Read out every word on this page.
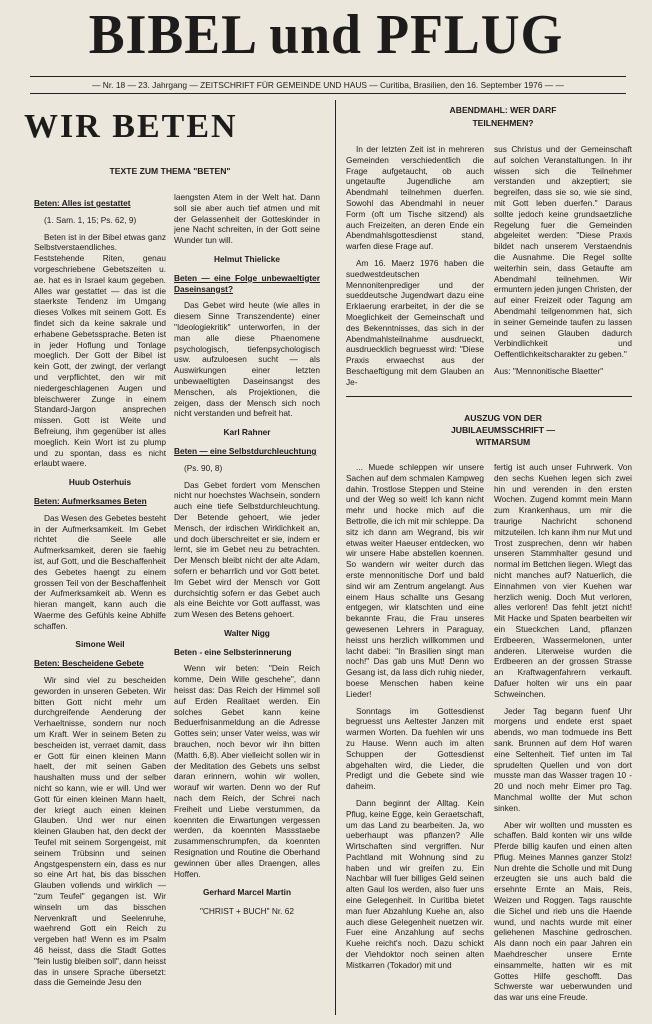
BIBEL und PFLUG
— Nr. 18 — 23. Jahrgang — ZEITSCHRIFT FÜR GEMEINDE UND HAUS — Curitiba, Brasilien, den 16. September 1976 — —
WIR BETEN	ABENDMAHL: WER DARF
TEILNEHMEN?
TEXTE ZUM THEMA "BETEN"

Beten: Alles ist gestattet

(1. Sam. 1, 15; Ps. 62, 9)

Beten ist in der Bibel etwas ganz Selbstverstaendliches. Feststehende Riten, genau vorgeschriebene Gebetszeiten u. ae. hat es in Israel kaum gegeben. Alles war gestattet — das ist die staerkste Tendenz im Umgang dieses Volkes mit seinem Gott. Es findet sich da keine sakrale und erhabene Gebetssprache. Beten ist in jeder Hoflung und Tonlage moeglich. Der Gott der Bibel ist kein Gott, der zwingt, der verlangt und verpflichtet, den wir mit niedergeschlagenen Augen und bleischwerer Zunge in einem Standard-Jargon ansprechen missen. Gott ist Weite und Befreiung, ihm gegenüber ist alles moeglich. Kein Wort ist zu plump und zu spontan, dass es nicht erlaubt waere.

Huub Osterhuis

Beten: Aufmerksames Beten

Das Wesen des Gebetes besteht in der Aufmerksamkeit. Im Gebet richtet die Seele alle Aufmerksamkeit, deren sie faehig ist, auf Gott, und die Beschaffenheit des Gebetes haengt zu einem grossen Teil von der Beschaffenheit der Aufmerksamkeit ab. Wenn es hieran mangelt, kann auch die Waerme des Gefühls keine Abhilfe schaffen.

Simone Weil

Beten: Bescheidene Gebete

Wir sind viel zu bescheiden geworden in unseren Gebeten. Wir bitten Gott nicht mehr um durchgreifende Aenderung der Verhaeltnisse, sondern nur noch um Kraft. Wer in seinem Beten zu bescheiden ist, verraet damit, dass er Gott für einen kleinen Mann haelt, der mit seinen Gaben haushalten muss und der selber nicht so kann, wie er will. Und wer Gott für einen kleinen Mann haelt, der kriegt auch einen kleinen Glauben. Und wer nur einen kleinen Glauben hat, den deckt der Teufel mit seinem Sorgengeist, mit seinem Trübsinn und seinen Angstgespenstern ein, dass es nur so eine Art hat, bis das bisschen Glauben vollends und wirklich — "zum Teufel" gegangen ist. Wir winseln um das bisschen Nervenkraft und Seelenruhe, waehrend Gott ein Reich zu vergeben hat! Wenn es im Psalm 46 heisst, dass die Stadt Gottes "fein lustig bleiben soll", dann heisst das in unsere Sprache übersetzt: dass die Gemeinde Jesu den

laengsten Atem in der Welt hat. Dann soll sie aber auch tief atmen und mit der Gelassenheit der Gotteskinder in jene Nacht schreiten, in der Gott seine Wunder tun will.

Helmut Thielicke

Beten — eine Folge unbewaeltigter Daseinsangst?

Das Gebet wird heute (wie alles in diesem Sinne Transzendente) einer "Ideologiekritik" unterworfen, in der man alle diese Phaenomene psychologisch, tiefenpsychologisch usw. aufzuloesen sucht — als Auswirkungen einer letzten unbewaeltigten Daseinsangst des Menschen, als Projektionen, die zeigen, dass der Mensch sich noch nicht verstanden und befreit hat.

Karl Rahner

Beten — eine Selbstdurchleuchtung

(Ps. 90, 8)

Das Gebet fordert vom Menschen nicht nur hoechstes Wachsein, sondern auch eine tiefe Selbstdurchleuchtung. Der Betende gehoert, wie jeder Mensch, der irdischen Wirklichkeit an, und doch überschreitet er sie, indem er lernt, sie im Gebet neu zu betrachten. Der Mensch bleibt nicht der alte Adam, sofern er beharrlich und vor Gott betet. Im Gebet wird der Mensch vor Gott durchsichtig sofern er das Gebet auch als eine Beichte vor Gott auffasst, was zum Wesen des Betens gehoert.

Walter Nigg

Beten - eine Selbsterinnerung

Wenn wir beten: "Dein Reich komme, Dein Wille geschehe", dann heisst das: Das Reich der Himmel soll auf Erden Realitaet werden. Ein solches Gebet kann keine Beduerfnisanmeldung an die Adresse Gottes sein; unser Vater weiss, was wir brauchen, noch bevor wir ihn bitten (Matth. 6,8). Aber vielleicht sollen wir in der Meditation des Gebets uns selbst daran erinnern, wohin wir wollen, worauf wir warten. Denn wo der Ruf nach dem Reich, der Schrei nach Freiheit und Liebe verstummen, da koennten die Erwartungen vergessen werden, da koennten Massstaebe zusammenschrumpfen, da koennten Resignation und Routine die Oberhand gewinnen über alles Draengen, alles Hoffen.

Gerhard Marcel Martin

"CHRIST + BUCH" Nr. 62

In der letzten Zeit ist in mehreren Gemeinden verschiedentlich die Frage aufgetaucht, ob auch ungetaufte Jugendliche am Abendmahl teilnehmen duerfen. Sowohl das Abendmahl in neuer Form (oft um Tische sitzend) als auch Freizeiten, an deren Ende ein Abendmahlsgottesdienst stand, warfen diese Frage auf.

Am 16. Maerz 1976 haben die suedwestdeutschen Mennonitenprediger und der sueddeutsche Jugendwart dazu eine Erklaerung erarbeitet, in der die se Moeglichkeit der Gemeinschaft und des Bekenntnisses, das sich in der Abendmahlsteilnahme ausdrueckt, ausdruecklich begruesst wird: "Diese Praxis erwaechst aus der Beschaeftigung mit dem Glauben an Je-

sus Christus und der Gemeinschaft auf solchen Veranstaltungen. In ihr wissen sich die Teilnehmer verstanden und akzeptiert; sie begreifen, dass sie so, wie sie sind, mit Gott leben duerfen." Daraus sollte jedoch keine grundsaetzliche Regelung fuer die Gemeinden abgeleitet werden: "Diese Praxis bildet nach unserem Verstaendnis die Ausnahme. Die Regel sollte weiterhin sein, dass Getaufte am Abendmahl teilnehmen. Wir ermuntern jeden jungen Christen, der auf einer Freizeit oder Tagung am Abendmahl teilgenommen hat, sich in seiner Gemeinde taufen zu lassen und seinen Glauben dadurch Verbindlichkeit und Oeffentlichkeitscharakter zu geben."

Aus: "Mennonitische Blaetter"

AUSZUG VON DER
JUBILAEUMSSCHRIFT —
WITMARSUM

... Muede schleppen wir unsere Sachen auf dem schmalen Kampweg dahin. Trostlose Steppen und Steine und der Weg so weit! Ich kann nicht mehr und hocke mich auf die Bettrolle, die ich mit mir schleppe. Da sitz ich dann am Wegrand, bis wir etwas weiter Haeuser entdecken, wo wir unsere Habe abstellen koennen. So wandern wir weiter durch das erste mennonitische Dorf und bald sind wir am Zentrum angelangt. Aus einem Haus schallte uns Gesang entgegen, wir klatschten und eine bekannte Frau, die Frau unseres gewesenen Lehrers in Paraguay, heisst uns herzlich willkommen und lacht dabei: "In Brasilien singt man noch!" Das gab uns Mut! Denn wo Gesang ist, da lass dich ruhig nieder, boese Menschen haben keine Lieder!

Sonntags im Gottesdienst begruesst uns Aeltester Janzen mit warmen Worten. Da fuehlen wir uns zu Hause. Wenn auch im alten Schuppen der Gottesdienst abgehalten wird, die Lieder, die Predigt und die Gebete sind wie daheim.

Dann beginnt der Alltag. Kein Pflug, keine Egge, kein Geraetschaft, um das Land zu bearbeiten. Ja, wo ueberhaupt was pflanzen? Alle Wirtschaften sind vergriffen. Nur Pachtland mit Wohnung sind zu haben und wir greifen zu. Ein Nachbar will fuer billiges Geld seinen alten Gaul los werden, also fuer uns eine Gelegenheit. In Curitiba bietet man fuer Abzahlung Kuehe an, also auch diese Gelegenheit nuetzen wir. Fuer eine Anzahlung auf sechs Kuehe reicht's noch. Dazu schickt der Viehdoktor noch seinen alten Mistkarren (Tokador) mit und

fertig ist auch unser Fuhrwerk. Von den sechs Kuehen legen sich zwei hin und verenden in den ersten Wochen. Zugend kommt mein Mann zum Krankenhaus, um mir die traurige Nachricht schonend mitzuteilen. Ich kann ihm nur Mut und Trost zusprechen, denn wir haben unseren Stammhalter gesund und normal im Bettchen liegen. Wiegt das nicht manches auf? Natuerlich, die Einnahmen von vier Kuehen war herzlich wenig. Doch Mut verloren, alles verloren! Das fehlt jetzt nicht! Mit Hacke und Spaten bearbeiten wir ein Stueckchen Land, pflanzen Erdbeeren, Wassermelonen, unter anderen. Literweise wurden die Erdbeeren an der grossen Strasse an Kraftwagenfahrern verkauft. Dafuer holten wir uns ein paar Schweinchen.

Jeder Tag begann fuenf Uhr morgens und endete erst spaet abends, wo man todmuede ins Bett sank. Brunnen auf dem Hof waren eine Seltenheit. Tief unten im Tal sprudelten Quellen und von dort musste man das Wasser tragen 10 - 20 und noch mehr Eimer pro Tag. Manchmal wollte der Mut schon sinken.

Aber wir wollten und mussten es schaffen. Bald konten wir uns wilde Pferde billig kaufen und einen alten Pflug. Meines Mannes ganzer Stolz! Nun drehte die Scholle und mit Dung erzeugten sie uns auch bald die ersehnte Ernte an Mais, Reis, Weizen und Roggen. Tags rauschte die Sichel und rieb uns die Haende wund, und nachts wurde mit einer geliehenen Maschine gedroschen. Als dann noch ein paar Jahren ein Maehdrescher unsere Ernte einsammelte, hatten wir es mit Gottes Hilfe geschofft. Das Schwerste war ueberwunden und das war uns eine Freude.
